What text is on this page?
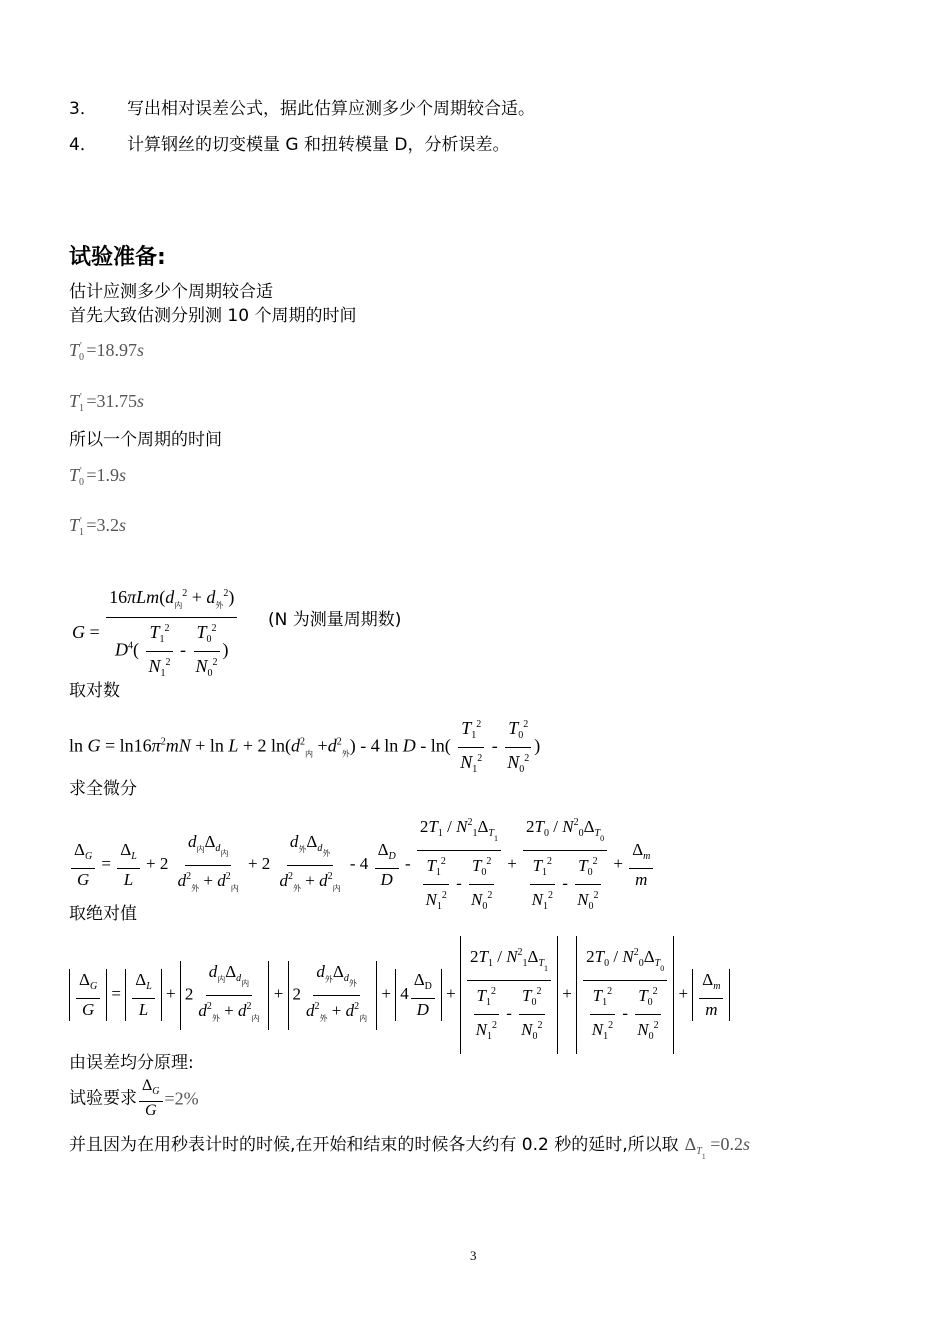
3． 写出相对误差公式，据此估算应测多少个周期较合适。
4． 计算钢丝的切变模量 G 和扭转模量 D，分析误差。
试验准备:
估计应测多少个周期较合适
首先大致估测分别测 10 个周期的时间
$T_0' =18.97s$
$T_1' =31.75s$
所以一个周期的时间
$T_0' =1.9s$
$T_1' =3.2s$
$G = \frac{16\pi Lm(d_内^2 + d_外^2)}{D^4( \frac{T_1^2}{N_1^2} - \frac{T_0^2}{N_0^2} )} (N$ 为测量周期数)
取对数
$\ln G = \ln 16\pi^2mN + \ln L + 2$ $\ln(d^2_内 +d^2_外) - 4$ ln D - $\ln( \frac{T_1^2}{N_1^2} - \frac{T_0^2}{N_0^2}$ )
求全微分
$\frac{\Delta_G}{G} = \frac{\Delta_L}{L} + 2 \frac{d_内\Delta_{d_内}}{d^2_外 + d^2_内} + 2 \frac{d_外\Delta_{d_外}}{d^2_外 + d^2_内} - 4 \frac{\Delta_D}{D} - \frac{2T_1 / N^2_1\Delta_{T_1}}{\frac{T_1^2}{N_1^2} - \frac{T_0^2}{N_0^2}} + \frac{2T_0 / N^2_0\Delta_{T_0}}{\frac{T_1^2}{N_1^2} - \frac{T_0^2}{N_0^2}} + \frac{\Delta_m}{m}$
取绝对值
$\frac{\Delta_G}{G} = \frac{\Delta_L}{L} + 2 \frac{d_内\Delta_{d_内}}{d^2_外 + d^2_内} + 2 \frac{d_外\Delta_{d_外}}{d^2_外 + d^2_内} + 4 \frac{\Delta_D}{D} + \frac{2T_1 / N^2_1\Delta_{T_1}}{\frac{T_1^2}{N_1^2} - \frac{T_0^2}{N_0^2}} + \frac{2T_0 / N^2_0\Delta_{T_0}}{\frac{T_1^2}{N_1^2} - \frac{T_0^2}{N_0^2}} + \frac{\Delta_m}{m}$
由误差均分原理:
试验要求 $\frac{\Delta_G}{G} =2\%$
并且因为在用秒表计时的时候,在开始和结束的时候各大约有 0.2 秒的延时,所以取 $\Delta_{T_1} =0.2s$
3
